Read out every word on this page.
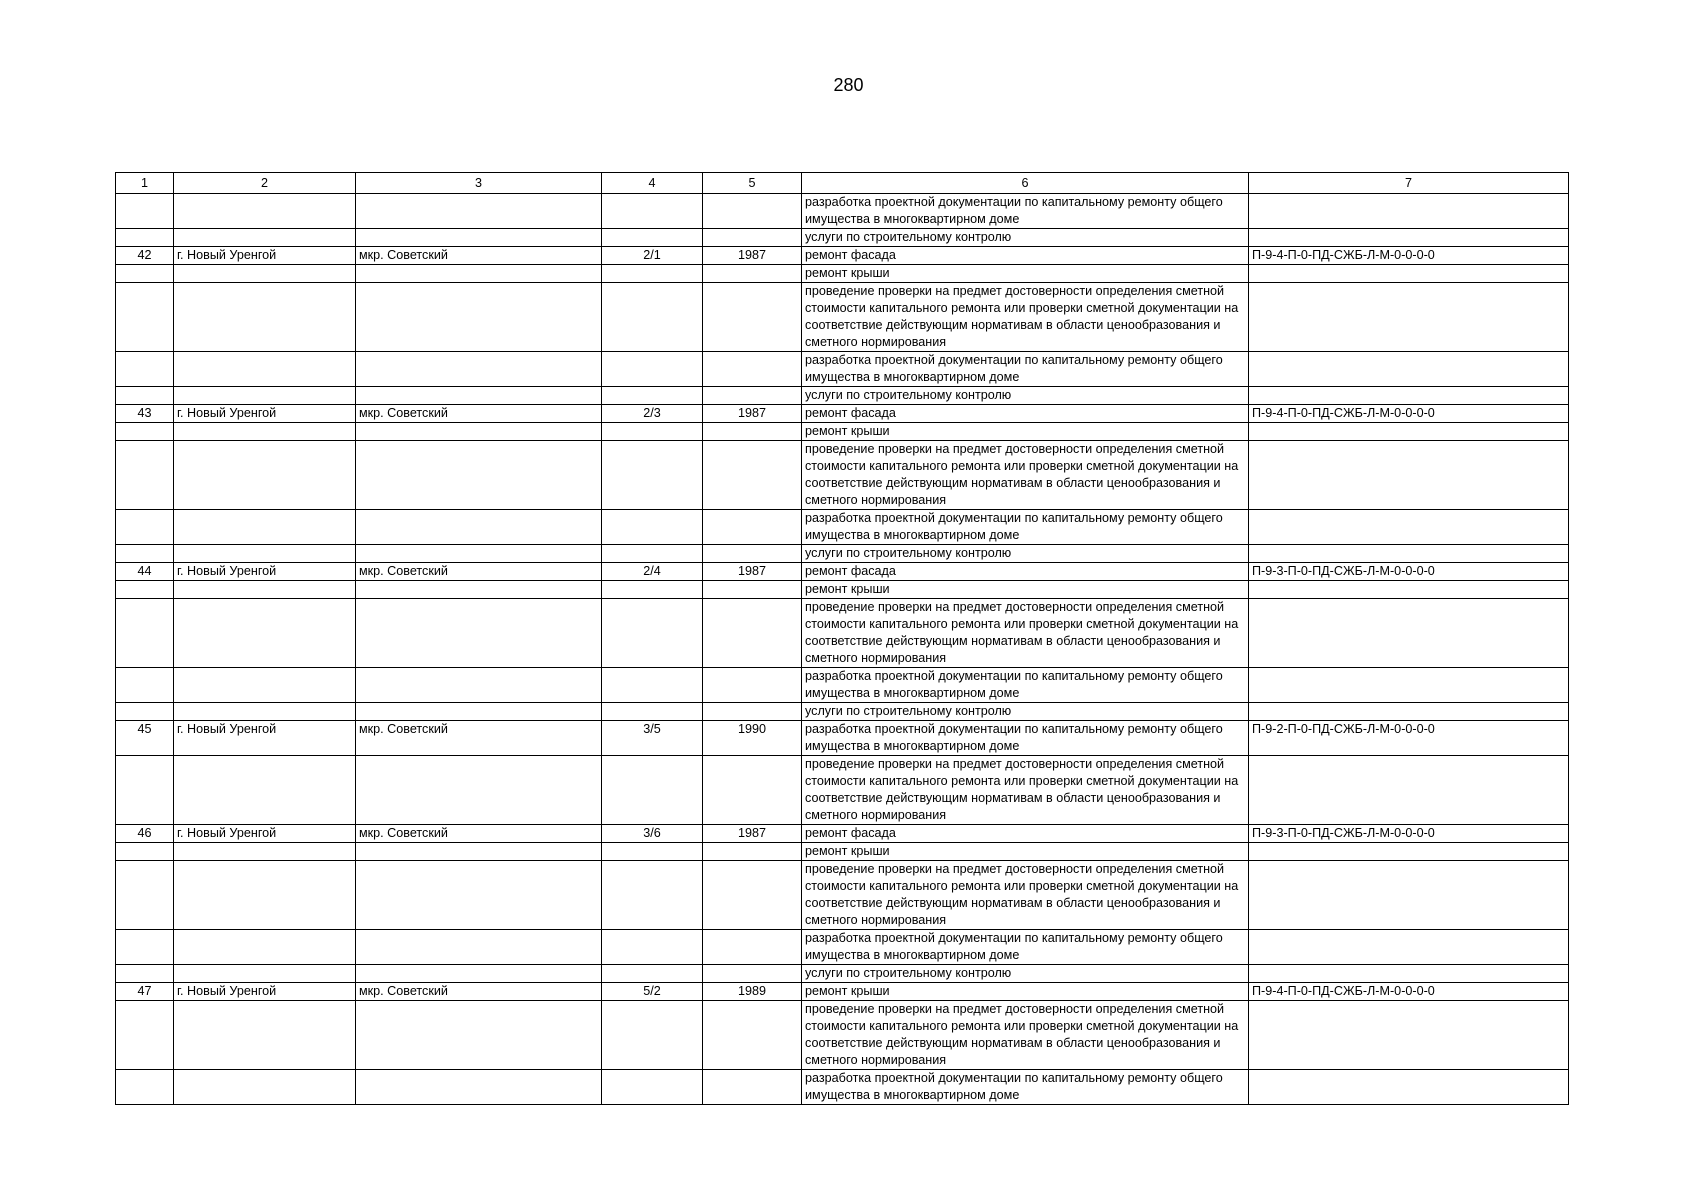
280
1	2	3	4	5	6	7
					разработка проектной документации по капитальному ремонту общего имущества в многоквартирном доме	
					услуги по строительному контролю	
42	г. Новый Уренгой	мкр. Советский	2/1	1987	ремонт фасада	П-9-4-П-0-ПД-СЖБ-Л-М-0-0-0-0
					ремонт крыши	
					проведение проверки на предмет достоверности определения сметной стоимости капитального ремонта или проверки сметной документации на соответствие действующим нормативам в области ценообразования и сметного нормирования	
					разработка проектной документации по капитальному ремонту общего имущества в многоквартирном доме	
					услуги по строительному контролю	
43	г. Новый Уренгой	мкр. Советский	2/3	1987	ремонт фасада	П-9-4-П-0-ПД-СЖБ-Л-М-0-0-0-0
					ремонт крыши	
					проведение проверки на предмет достоверности определения сметной стоимости капитального ремонта или проверки сметной документации на соответствие действующим нормативам в области ценообразования и сметного нормирования	
					разработка проектной документации по капитальному ремонту общего имущества в многоквартирном доме	
					услуги по строительному контролю	
44	г. Новый Уренгой	мкр. Советский	2/4	1987	ремонт фасада	П-9-3-П-0-ПД-СЖБ-Л-М-0-0-0-0
					ремонт крыши	
					проведение проверки на предмет достоверности определения сметной стоимости капитального ремонта или проверки сметной документации на соответствие действующим нормативам в области ценообразования и сметного нормирования	
					разработка проектной документации по капитальному ремонту общего имущества в многоквартирном доме	
					услуги по строительному контролю	
45	г. Новый Уренгой	мкр. Советский	3/5	1990	разработка проектной документации по капитальному ремонту общего имущества в многоквартирном доме	П-9-2-П-0-ПД-СЖБ-Л-М-0-0-0-0
					проведение проверки на предмет достоверности определения сметной стоимости капитального ремонта или проверки сметной документации на соответствие действующим нормативам в области ценообразования и сметного нормирования	
46	г. Новый Уренгой	мкр. Советский	3/6	1987	ремонт фасада	П-9-3-П-0-ПД-СЖБ-Л-М-0-0-0-0
					ремонт крыши	
					проведение проверки на предмет достоверности определения сметной стоимости капитального ремонта или проверки сметной документации на соответствие действующим нормативам в области ценообразования и сметного нормирования	
					разработка проектной документации по капитальному ремонту общего имущества в многоквартирном доме	
					услуги по строительному контролю	
47	г. Новый Уренгой	мкр. Советский	5/2	1989	ремонт крыши	П-9-4-П-0-ПД-СЖБ-Л-М-0-0-0-0
					проведение проверки на предмет достоверности определения сметной стоимости капитального ремонта или проверки сметной документации на соответствие действующим нормативам в области ценообразования и сметного нормирования	
					разработка проектной документации по капитальному ремонту общего имущества в многоквартирном доме	
